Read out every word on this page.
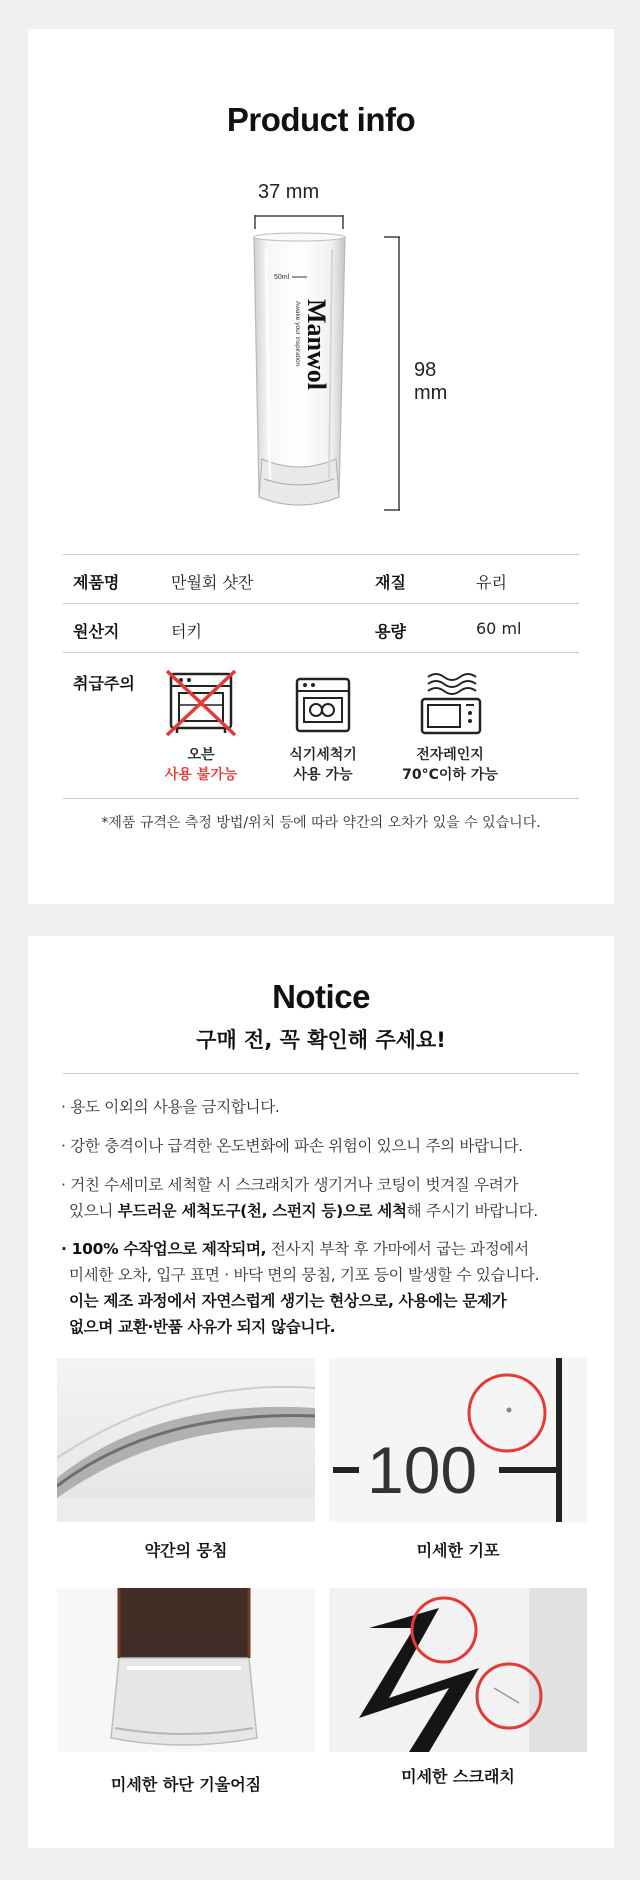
Product info
37 mm
50ml
Manwol
Awake your inspiration
98 mm
제품명	만월회 샷잔	재질	유리
원산지	터키	용량	60 ml
취급주의
오븐
사용 불가능
식기세척기
사용 가능
전자레인지
70°C이하 가능
*제품 규격은 측정 방법/위치 등에 따라 약간의 오차가 있을 수 있습니다.
Notice
구매 전, 꼭 확인해 주세요!
· 용도 이외의 사용을 금지합니다.
· 강한 충격이나 급격한 온도변화에 파손 위험이 있으니 주의 바랍니다.
· 거친 수세미로 세척할 시 스크래치가 생기거나 코팅이 벗겨질 우려가
있으니 부드러운 세척도구(천, 스펀지 등)으로 세척해 주시기 바랍니다.
· 100% 수작업으로 제작되며, 전사지 부착 후 가마에서 굽는 과정에서
미세한 오차, 입구 표면 · 바닥 면의 뭉침, 기포 등이 발생할 수 있습니다.
이는 제조 과정에서 자연스럽게 생기는 현상으로, 사용에는 문제가
없으며 교환·반품 사유가 되지 않습니다.
약간의 뭉침
100
미세한 기포
미세한 하단 기울어짐	미세한 스크래치
